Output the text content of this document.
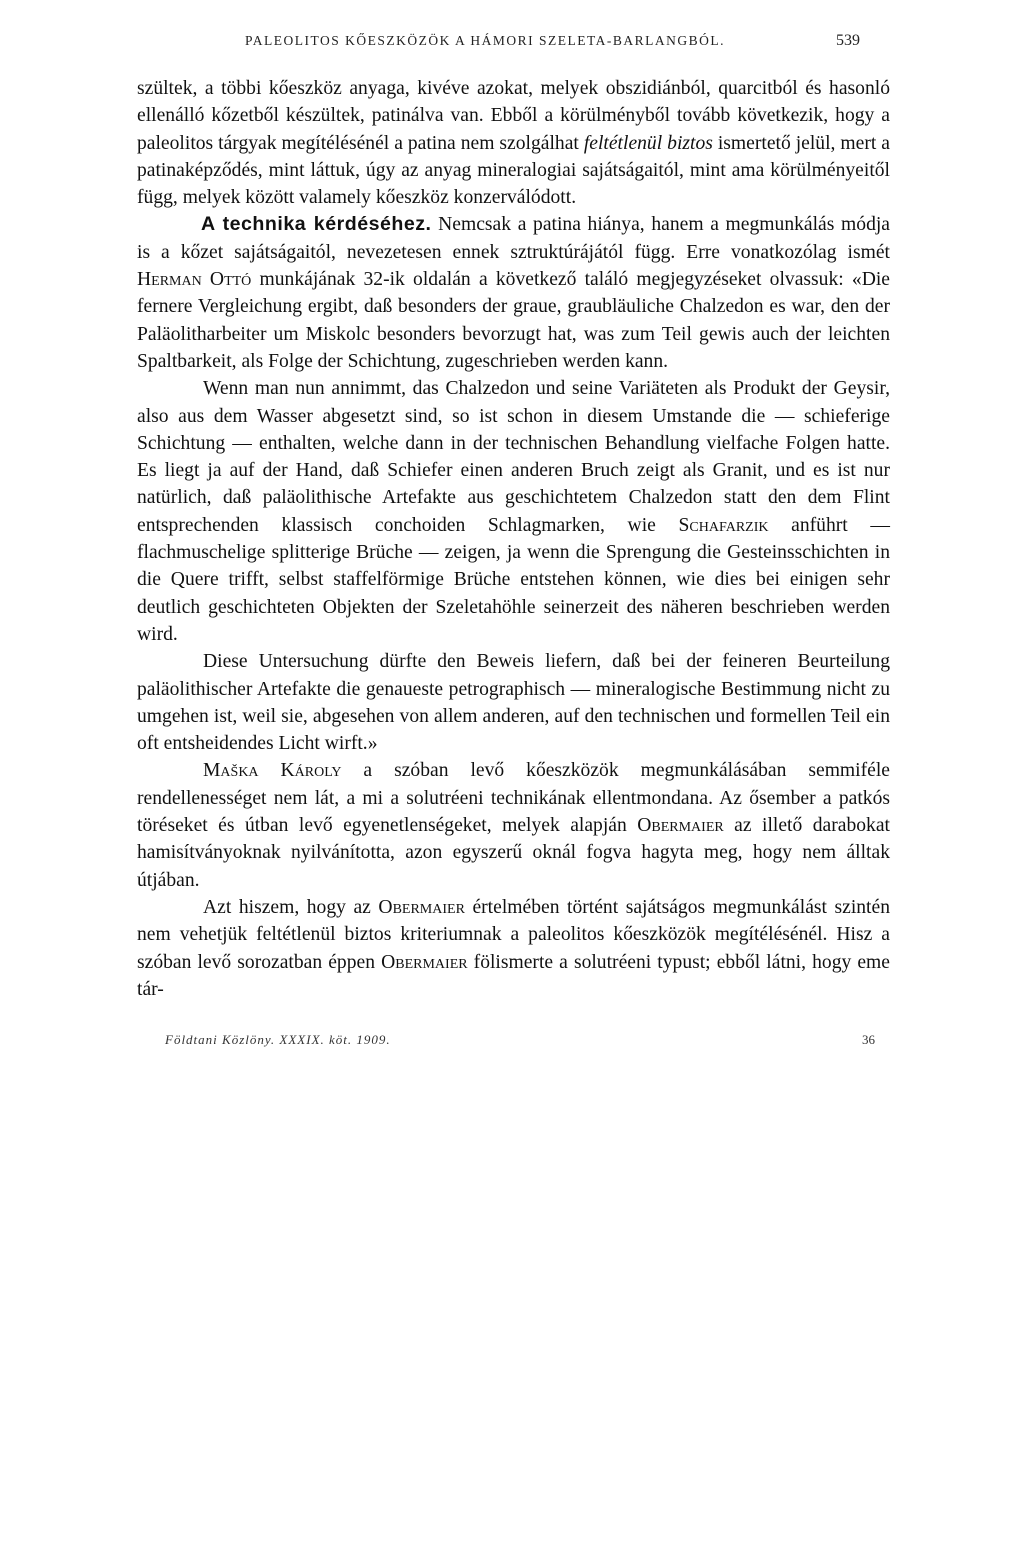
PALEOLITOS KŐESZKÖZÖK A HÁMORI SZELETA-BARLANGBÓL.	539

szültek, a többi kőeszköz anyaga, kivéve azokat, melyek obszidiánból, quarcitból és hasonló ellenálló kőzetből készültek, patinálva van. Ebből a körülményből tovább következik, hogy a paleolitos tárgyak megítélésénél a patina nem szolgálhat feltétlenül biztos ismertető jelül, mert a patinaképződés, mint láttuk, úgy az anyag mineralogiai sajátságaitól, mint ama körülményeitől függ, melyek között valamely kőeszköz konzerválódott.

A technika kérdéséhez. Nemcsak a patina hiánya, hanem a megmunkálás módja is a kőzet sajátságaitól, nevezetesen ennek sztruktúrájától függ. Erre vonatkozólag ismét Herman Ottó munkájának 32-ik oldalán a következő találó megjegyzéseket olvassuk: «Die fernere Vergleichung ergibt, daß besonders der graue, graubläuliche Chalzedon es war, den der Paläolitharbeiter um Miskolc besonders bevorzugt hat, was zum Teil gewis auch der leichten Spaltbarkeit, als Folge der Schichtung, zugeschrieben werden kann.

Wenn man nun annimmt, das Chalzedon und seine Variäteten als Produkt der Geysir, also aus dem Wasser abgesetzt sind, so ist schon in diesem Umstande die — schieferige Schichtung — enthalten, welche dann in der technischen Behandlung vielfache Folgen hatte. Es liegt ja auf der Hand, daß Schiefer einen anderen Bruch zeigt als Granit, und es ist nur natürlich, daß paläolithische Artefakte aus geschichtetem Chalzedon statt den dem Flint entsprechenden klassisch conchoiden Schlagmarken, wie Schafarzik anführt — flachmuschelige splitterige Brüche — zeigen, ja wenn die Sprengung die Gesteinsschichten in die Quere trifft, selbst staffelförmige Brüche entstehen können, wie dies bei einigen sehr deutlich geschichteten Objekten der Szeletahöhle seinerzeit des näheren beschrieben werden wird.

Diese Untersuchung dürfte den Beweis liefern, daß bei der feineren Beurteilung paläolithischer Artefakte die genaueste petrographisch — mineralogische Bestimmung nicht zu umgehen ist, weil sie, abgesehen von allem anderen, auf den technischen und formellen Teil ein oft entsheidendes Licht wirft.»

Maška Károly a szóban levő kőeszközök megmunkálásában semmiféle rendellenességet nem lát, a mi a solutréeni technikának ellentmondana. Az ősember a patkós töréseket és útban levő egyenetlenségeket, melyek alapján Obermaier az illető darabokat hamisítványoknak nyilvánította, azon egyszerű oknál fogva hagyta meg, hogy nem álltak útjában.

Azt hiszem, hogy az Obermaier értelmében történt sajátságos megmunkálást szintén nem vehetjük feltétlenül biztos kriteriumnak a paleolitos kőeszközök megítélésénél. Hisz a szóban levő sorozatban éppen Obermaier fölismerte a solutréeni typust; ebből látni, hogy eme tár-

Földtani Közlöny. XXXIX. köt. 1909.	36
